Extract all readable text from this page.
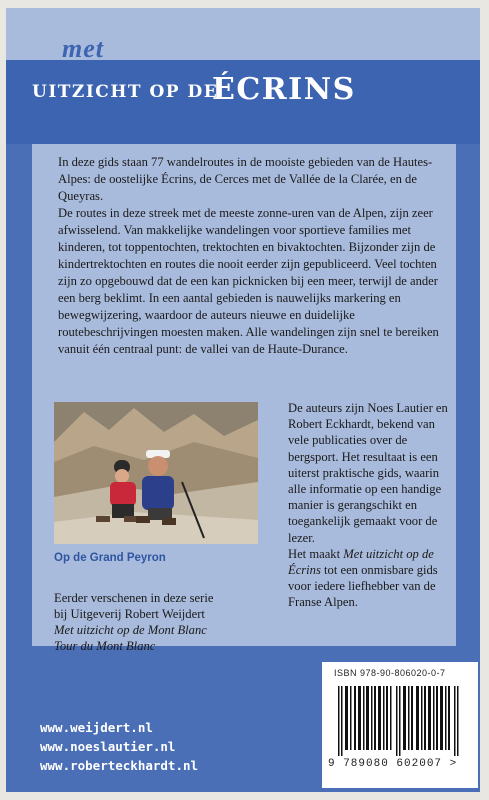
met
UITZICHT OP DE
ÉCRINS

In deze gids staan 77 wandelroutes in de mooiste gebieden van de Hautes-Alpes: de oostelijke Écrins, de Cerces met de Vallée de la Clarée, en de Queyras.

De routes in deze streek met de meeste zonne-uren van de Alpen, zijn zeer afwisselend. Van makkelijke wandelingen voor sportieve families met kinderen, tot toppentochten, trektochten en bivaktochten. Bijzonder zijn de kindertrektochten en routes die nooit eerder zijn gepubliceerd. Veel tochten zijn zo opgebouwd dat de een kan picknicken bij een meer, terwijl de ander een berg beklimt. In een aantal gebieden is nauwelijks markering en bewegwijzering, waardoor de auteurs nieuwe en duidelijke routebeschrijvingen moesten maken. Alle wandelingen zijn snel te bereiken vanuit één centraal punt: de vallei van de Haute-Durance.

Op de Grand Peyron
Eerder verschenen in deze serie
bij Uitgeverij Robert Weijdert
Met uitzicht op de Mont Blanc
Tour du Mont Blanc

De auteurs zijn Noes Lautier en Robert Eckhardt, bekend van vele publicaties over de bergsport. Het resultaat is een uiterst praktische gids, waarin alle informatie op een handige manier is gerangschikt en toegankelijk gemaakt voor de lezer.

Het maakt Met uitzicht op de Écrins tot een onmisbare gids voor iedere liefhebber van de Franse Alpen.

www.weijdert.nl
www.noeslautier.nl
www.roberteckhardt.nl
ISBN 978-90-806020-0-7
9 789080 602007 >
